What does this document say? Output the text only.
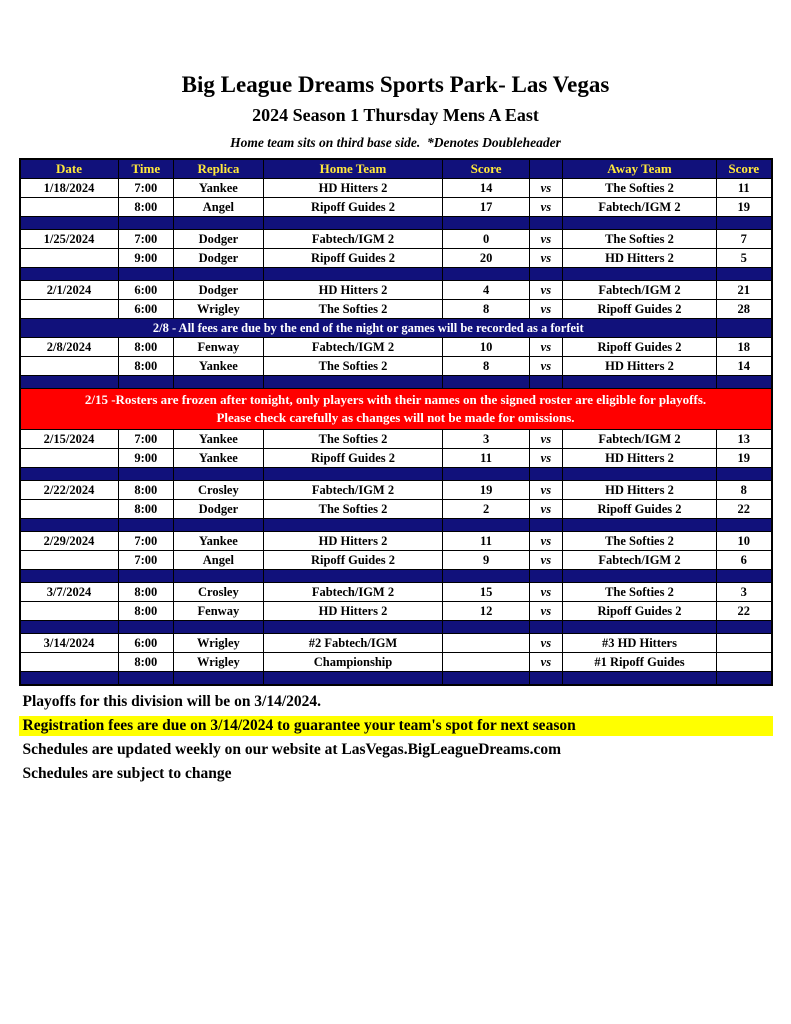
Big League Dreams Sports Park- Las Vegas
2024 Season 1 Thursday Mens A East
Home team sits on third base side.  *Denotes Doubleheader
Date	Time	Replica	Home Team	Score		Away Team	Score
1/18/2024	7:00	Yankee	HD Hitters 2	14	vs	The Softies 2	11
	8:00	Angel	Ripoff Guides 2	17	vs	Fabtech/IGM 2	19

1/25/2024	7:00	Dodger	Fabtech/IGM 2	0	vs	The Softies 2	7
	9:00	Dodger	Ripoff Guides 2	20	vs	HD Hitters 2	5

2/1/2024	6:00	Dodger	HD Hitters 2	4	vs	Fabtech/IGM 2	21
	6:00	Wrigley	The Softies 2	8	vs	Ripoff Guides 2	28
2/8 - All fees are due by the end of the night or games will be recorded as a forfeit							
2/8/2024	8:00	Fenway	Fabtech/IGM 2	10	vs	Ripoff Guides 2	18
	8:00	Yankee	The Softies 2	8	vs	HD Hitters 2	14

2/15 -Rosters are frozen after tonight, only players with their names on the signed roster are eligible for playoffs.
Please check carefully as changes will not be made for omissions.							

2/15/2024	7:00	Yankee	The Softies 2	3	vs	Fabtech/IGM 2	13
	9:00	Yankee	Ripoff Guides 2	11	vs	HD Hitters 2	19

2/22/2024	8:00	Crosley	Fabtech/IGM 2	19	vs	HD Hitters 2	8
	8:00	Dodger	The Softies 2	2	vs	Ripoff Guides 2	22

2/29/2024	7:00	Yankee	HD Hitters 2	11	vs	The Softies 2	10
	7:00	Angel	Ripoff Guides 2	9	vs	Fabtech/IGM 2	6

3/7/2024	8:00	Crosley	Fabtech/IGM 2	15	vs	The Softies 2	3
	8:00	Fenway	HD Hitters 2	12	vs	Ripoff Guides 2	22

3/14/2024	6:00	Wrigley	#2 Fabtech/IGM		vs	#3 HD Hitters	
	8:00	Wrigley	Championship		vs	#1 Ripoff Guides	

Playoffs for this division will be on 3/14/2024.
Registration fees are due on 3/14/2024 to guarantee your team's spot for next season
Schedules are updated weekly on our website at LasVegas.BigLeagueDreams.com
Schedules are subject to change
